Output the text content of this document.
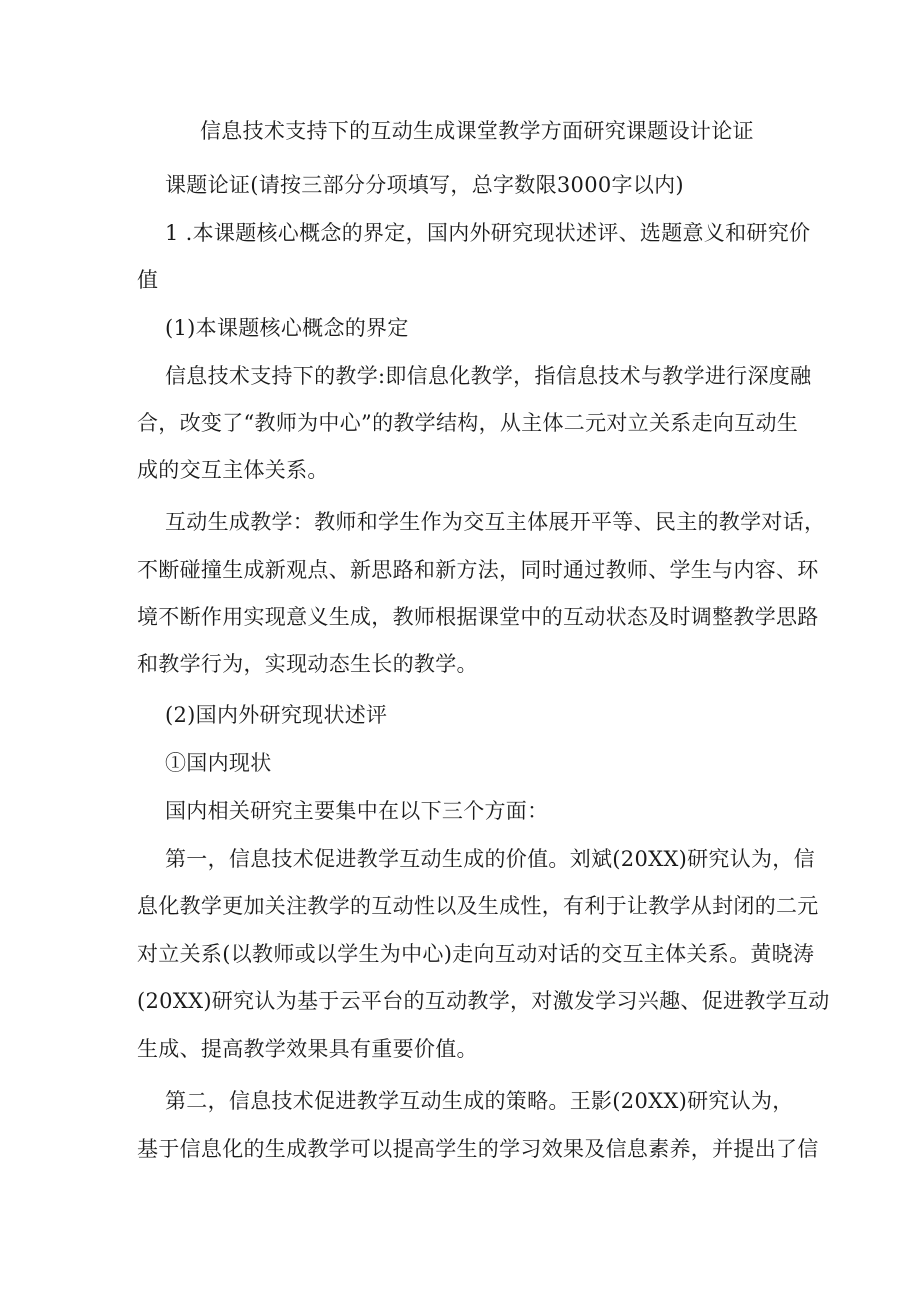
信息技术支持下的互动生成课堂教学方面研究课题设计论证
课题论证(请按三部分分项填写，总字数限3000字以内)
1 .本课题核心概念的界定，国内外研究现状述评、选题意义和研究价
值
(1)本课题核心概念的界定
信息技术支持下的教学:即信息化教学，指信息技术与教学进行深度融
合，改变了“教师为中心”的教学结构，从主体二元对立关系走向互动生
成的交互主体关系。
互动生成教学：教师和学生作为交互主体展开平等、民主的教学对话，
不断碰撞生成新观点、新思路和新方法，同时通过教师、学生与内容、环
境不断作用实现意义生成，教师根据课堂中的互动状态及时调整教学思路
和教学行为，实现动态生长的教学。
(2)国内外研究现状述评
①国内现状
国内相关研究主要集中在以下三个方面：
第一，信息技术促进教学互动生成的价值。刘斌(20XX)研究认为，信
息化教学更加关注教学的互动性以及生成性，有利于让教学从封闭的二元
对立关系(以教师或以学生为中心)走向互动对话的交互主体关系。黄晓涛
(20XX)研究认为基于云平台的互动教学，对激发学习兴趣、促进教学互动
生成、提高教学效果具有重要价值。
第二，信息技术促进教学互动生成的策略。王影(20XX)研究认为，
基于信息化的生成教学可以提高学生的学习效果及信息素养，并提出了信
